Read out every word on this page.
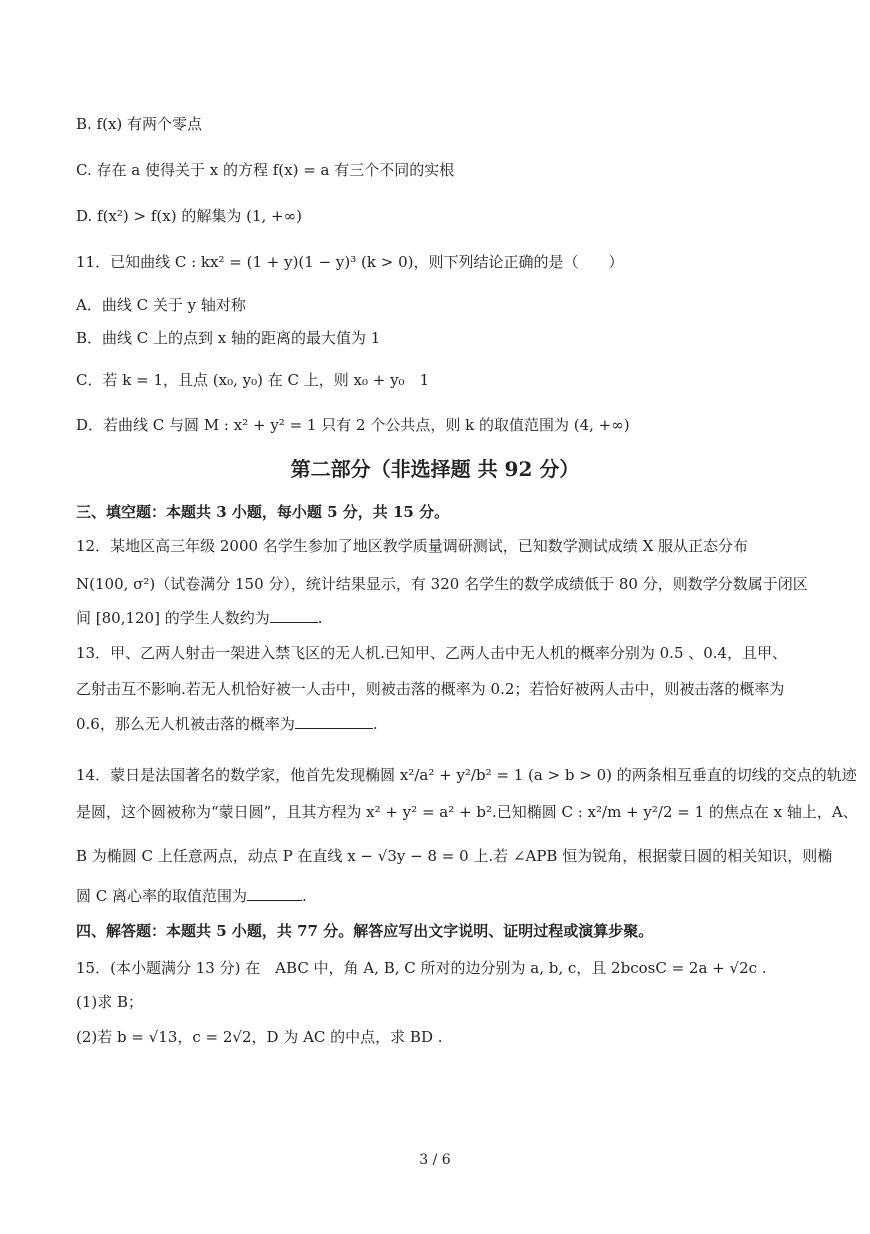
B. f(x) 有两个零点
C. 存在 a 使得关于 x 的方程 f(x) = a 有三个不同的实根
D. f(x²) > f(x) 的解集为 (1, +∞)
11．已知曲线 C : kx² = (1 + y)(1 − y)³ (k > 0)，则下列结论正确的是（　　）
A．曲线 C 关于 y 轴对称
B．曲线 C 上的点到 x 轴的距离的最大值为 1
C．若 k = 1，且点 (x₀, y₀) 在 C 上，则 x₀ + y₀　1
D．若曲线 C 与圆 M : x² + y² = 1 只有 2 个公共点，则 k 的取值范围为 (4, +∞)
第二部分（非选择题 共 92 分）
三、填空题：本题共 3 小题，每小题 5 分，共 15 分。
12．某地区高三年级 2000 名学生参加了地区教学质量调研测试，已知数学测试成绩 X 服从正态分布
N(100, σ²)（试卷满分 150 分），统计结果显示，有 320 名学生的数学成绩低于 80 分，则数学分数属于闭区
间 [80,120] 的学生人数约为	.
13．甲、乙两人射击一架进入禁飞区的无人机.已知甲、乙两人击中无人机的概率分别为 0.5 、0.4，且甲、
乙射击互不影响.若无人机恰好被一人击中，则被击落的概率为 0.2；若恰好被两人击中，则被击落的概率为
0.6，那么无人机被击落的概率为	.
14．蒙日是法国著名的数学家，他首先发现椭圆 x²/a² + y²/b² = 1 (a > b > 0) 的两条相互垂直的切线的交点的轨迹
是圆，这个圆被称为“蒙日圆”，且其方程为 x² + y² = a² + b².已知椭圆 C : x²/m + y²/2 = 1 的焦点在 x 轴上，A、
B 为椭圆 C 上任意两点，动点 P 在直线 x − √3y − 8 = 0 上.若 ∠APB 恒为锐角，根据蒙日圆的相关知识，则椭
圆 C 离心率的取值范围为	.
四、解答题：本题共 5 小题，共 77 分。解答应写出文字说明、证明过程或演算步聚。
15．(本小题满分 13 分) 在　ABC 中，角 A, B, C 所对的边分别为 a, b, c，且 2bcosC = 2a + √2c .
(1)求 B；
(2)若 b = √13，c = 2√2，D 为 AC 的中点，求 BD .
3 / 6
